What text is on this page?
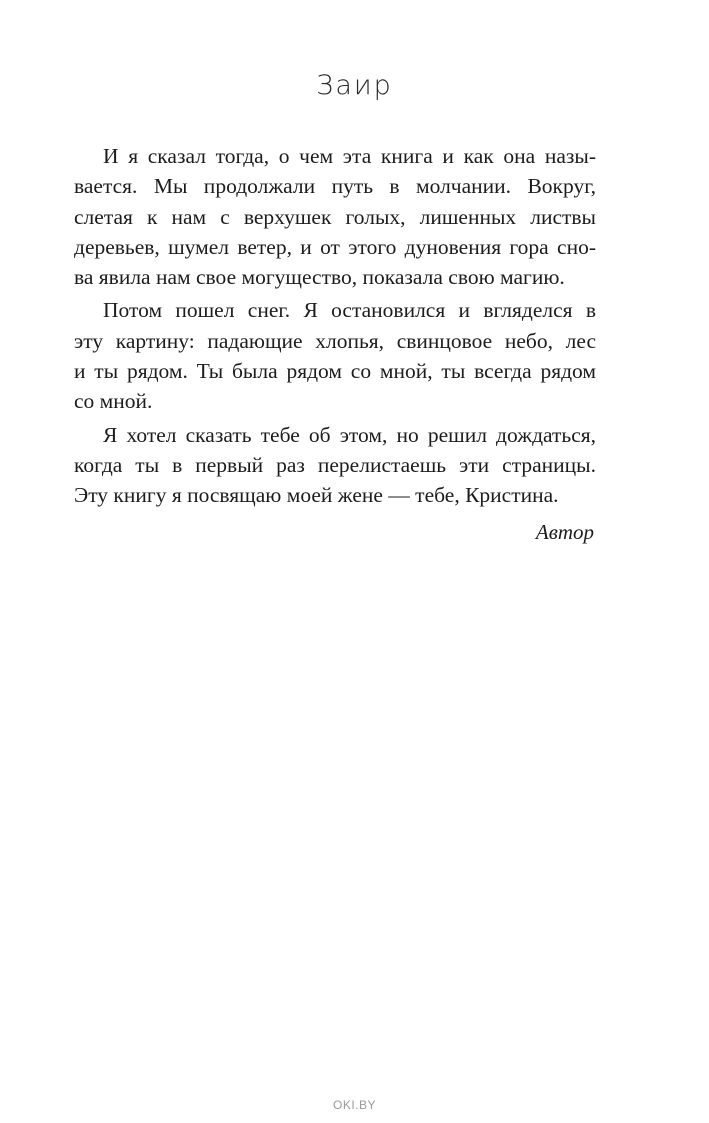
Заир
И я сказал тогда, о чем эта книга и как она назы-
вается. Мы продолжали путь в молчании. Вокруг,
слетая к нам с верхушек голых, лишенных листвы
деревьев, шумел ветер, и от этого дуновения гора сно-
ва явила нам свое могущество, показала свою магию.
Потом пошел снег. Я остановился и вгляделся в
эту картину: падающие хлопья, свинцовое небо, лес
и ты рядом. Ты была рядом со мной, ты всегда рядом
со мной.
Я хотел сказать тебе об этом, но решил дождаться,
когда ты в первый раз перелистаешь эти страницы.
Эту книгу я посвящаю моей жене — тебе, Кристина.
Автор
OKI.BY
